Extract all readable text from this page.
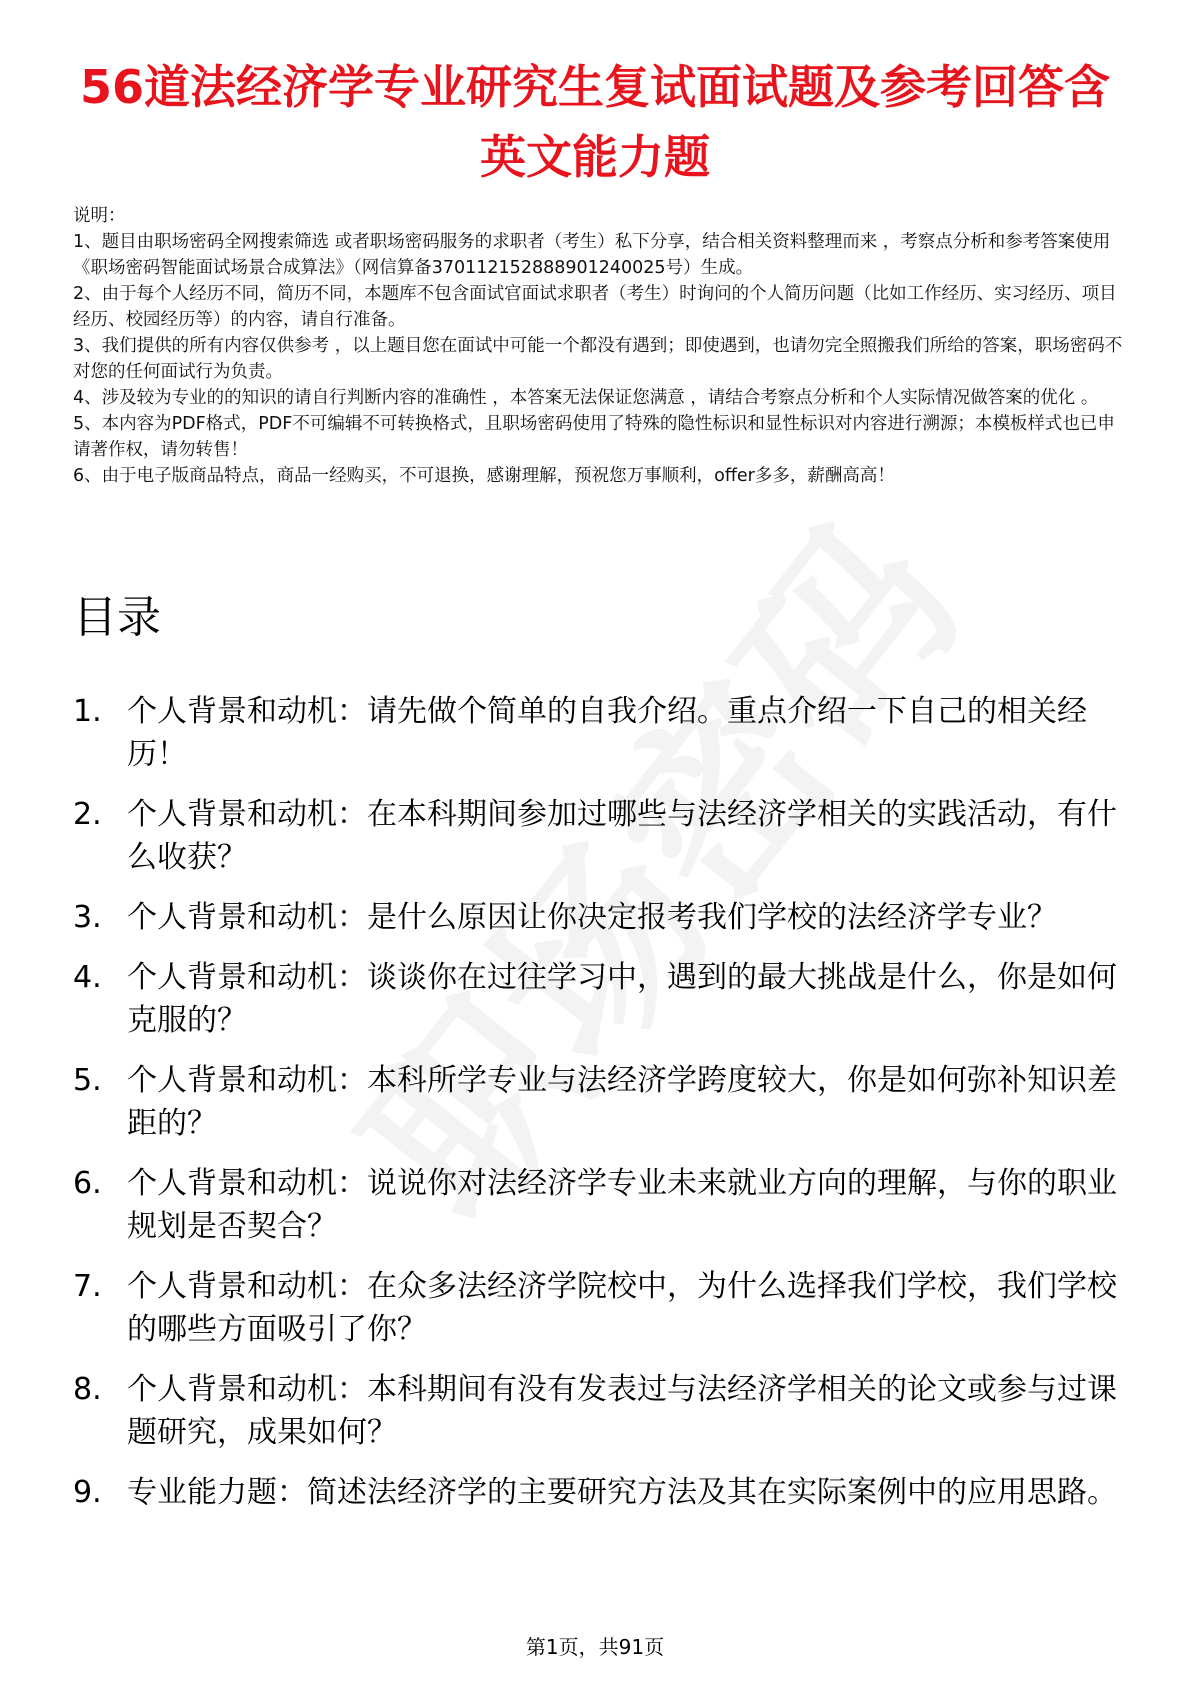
56道法经济学专业研究生复试面试题及参考回答含英文能力题
说明：
1、题目由职场密码全网搜索筛选 或者职场密码服务的求职者（考生）私下分享，结合相关资料整理而来 ，考察点分析和参考答案使用《职场密码智能面试场景合成算法》（网信算备370112152888901240025号）生成。
2、由于每个人经历不同，简历不同，本题库不包含面试官面试求职者（考生）时询问的个人简历问题（比如工作经历、实习经历、项目经历、校园经历等）的内容，请自行准备。
3、我们提供的所有内容仅供参考 ，以上题目您在面试中可能一个都没有遇到；即使遇到，也请勿完全照搬我们所给的答案，职场密码不对您的任何面试行为负责。
4、涉及较为专业的的知识的请自行判断内容的准确性 ，本答案无法保证您满意 ，请结合考察点分析和个人实际情况做答案的优化 。
5、本内容为PDF格式，PDF不可编辑不可转换格式，且职场密码使用了特殊的隐性标识和显性标识对内容进行溯源；本模板样式也已申请著作权，请勿转售！
6、由于电子版商品特点，商品一经购买，不可退换，感谢理解，预祝您万事顺利，offer多多，薪酬高高！
目录
1. 个人背景和动机：请先做个简单的自我介绍。重点介绍一下自己的相关经历！
2. 个人背景和动机：在本科期间参加过哪些与法经济学相关的实践活动，有什么收获？
3. 个人背景和动机：是什么原因让你决定报考我们学校的法经济学专业？
4. 个人背景和动机：谈谈你在过往学习中，遇到的最大挑战是什么，你是如何克服的？
5. 个人背景和动机：本科所学专业与法经济学跨度较大，你是如何弥补知识差距的？
6. 个人背景和动机：说说你对法经济学专业未来就业方向的理解，与你的职业规划是否契合？
7. 个人背景和动机：在众多法经济学院校中，为什么选择我们学校，我们学校的哪些方面吸引了你？
8. 个人背景和动机：本科期间有没有发表过与法经济学相关的论文或参与过课题研究，成果如何？
9. 专业能力题：简述法经济学的主要研究方法及其在实际案例中的应用思路。
第1页，共91页
